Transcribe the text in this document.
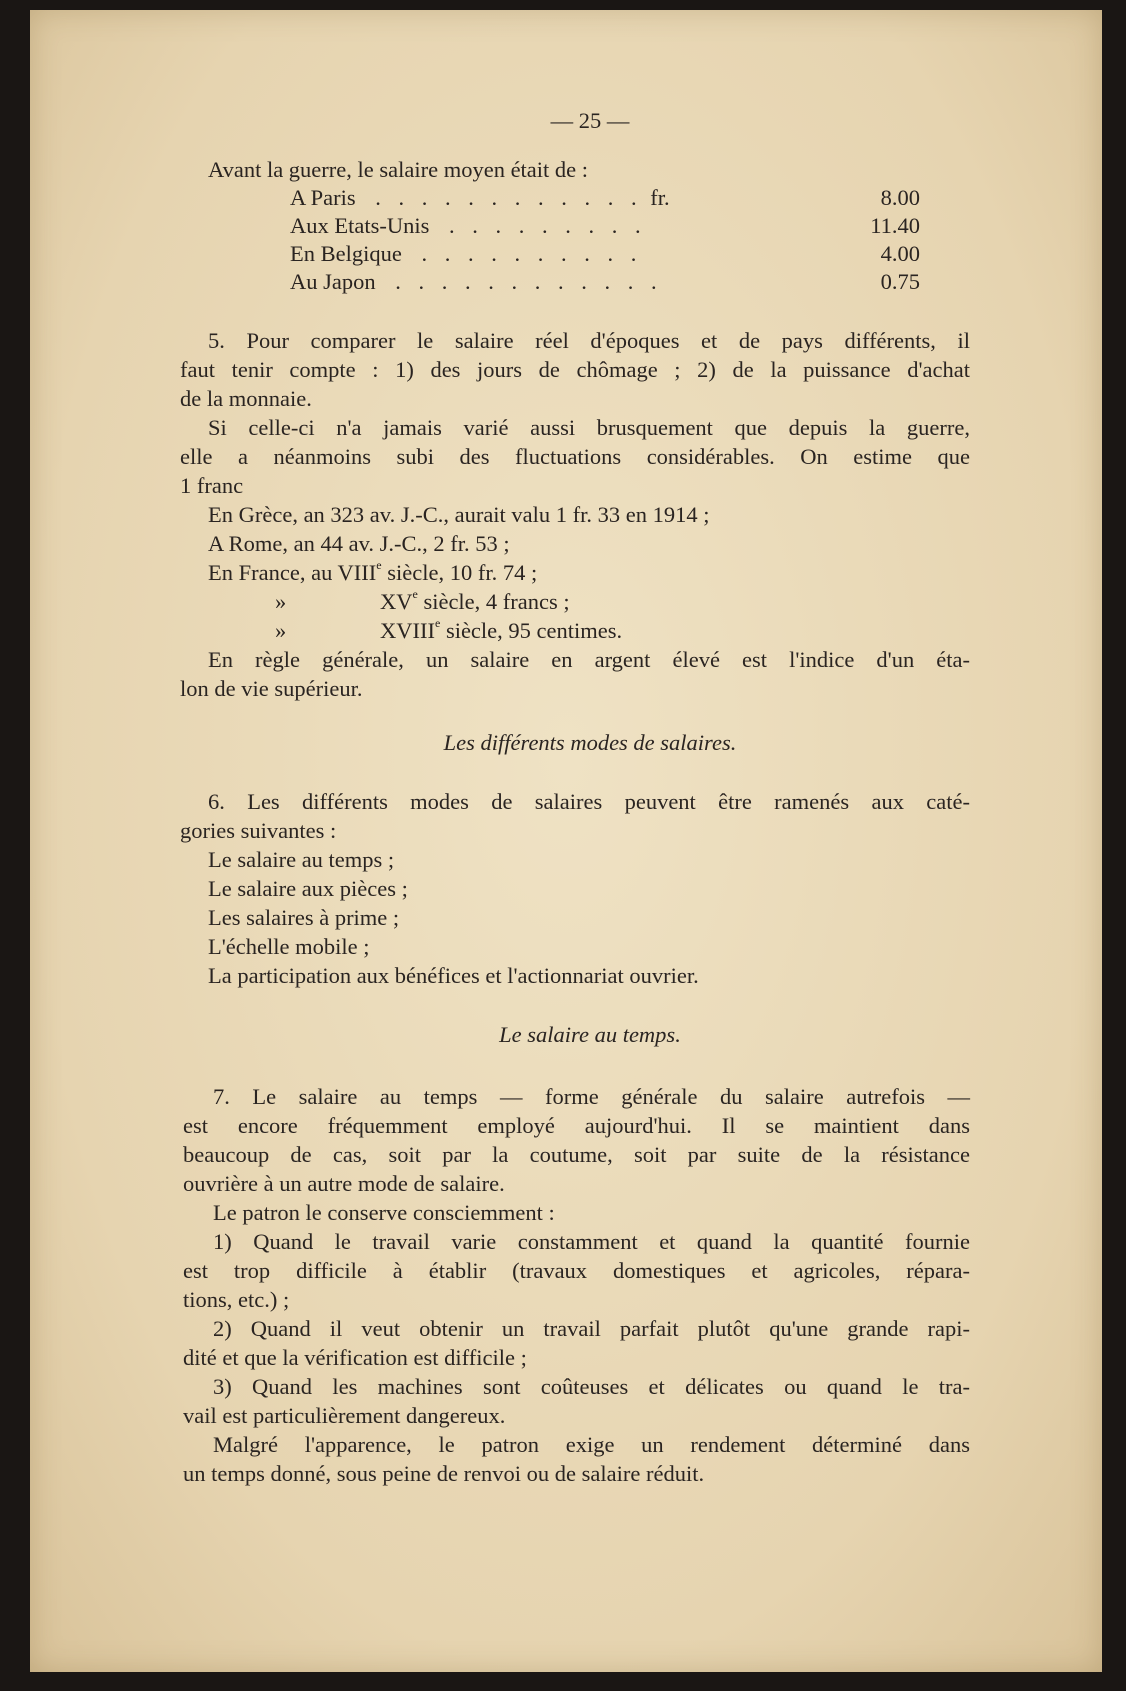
— 25 —
Avant la guerre, le salaire moyen était de :
A Paris . . . . . . . . . . . . fr.	8.00
Aux Etats-Unis . . . . . . . . .	11.40
En Belgique . . . . . . . . . .	4.00
Au Japon . . . . . . . . . . . .	0.75
5. Pour comparer le salaire réel d'époques et de pays différents, il
faut tenir compte : 1) des jours de chômage ; 2) de la puissance d'achat
de la monnaie.
Si celle-ci n'a jamais varié aussi brusquement que depuis la guerre,
elle a néanmoins subi des fluctuations considérables. On estime que
1 franc
En Grèce, an 323 av. J.-C., aurait valu 1 fr. 33 en 1914 ;
A Rome, an 44 av. J.-C., 2 fr. 53 ;
En France, au VIIIe siècle, 10 fr. 74 ;
»	XVe siècle, 4 francs ;
»	XVIIIe siècle, 95 centimes.
En règle générale, un salaire en argent élevé est l'indice d'un éta-
lon de vie supérieur.
Les différents modes de salaires.
6. Les différents modes de salaires peuvent être ramenés aux caté-
gories suivantes :
Le salaire au temps ;
Le salaire aux pièces ;
Les salaires à prime ;
L'échelle mobile ;
La participation aux bénéfices et l'actionnariat ouvrier.
Le salaire au temps.
7. Le salaire au temps — forme générale du salaire autrefois —
est encore fréquemment employé aujourd'hui. Il se maintient dans
beaucoup de cas, soit par la coutume, soit par suite de la résistance
ouvrière à un autre mode de salaire.
Le patron le conserve consciemment :
1) Quand le travail varie constamment et quand la quantité fournie
est trop difficile à établir (travaux domestiques et agricoles, répara-
tions, etc.) ;
2) Quand il veut obtenir un travail parfait plutôt qu'une grande rapi-
dité et que la vérification est difficile ;
3) Quand les machines sont coûteuses et délicates ou quand le tra-
vail est particulièrement dangereux.
Malgré l'apparence, le patron exige un rendement déterminé dans
un temps donné, sous peine de renvoi ou de salaire réduit.
